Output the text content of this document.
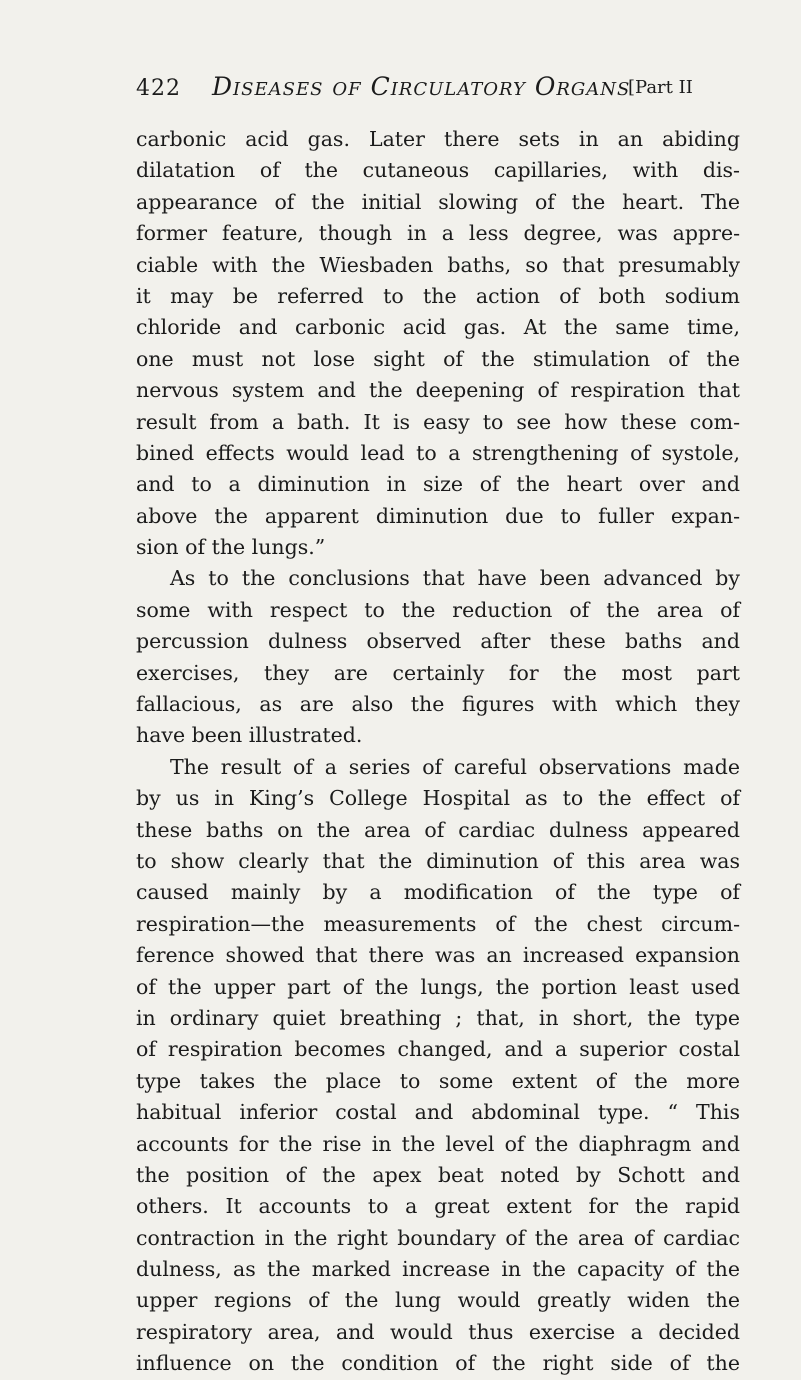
422 Diseases of Circulatory Organs
[Part II
carbonic acid gas. Later there sets in an abiding
dilatation of the cutaneous capillaries, with dis-
appearance of the initial slowing of the heart. The
former feature, though in a less degree, was appre-
ciable with the Wiesbaden baths, so that presumably
it may be referred to the action of both sodium
chloride and carbonic acid gas. At the same time,
one must not lose sight of the stimulation of the
nervous system and the deepening of respiration that
result from a bath. It is easy to see how these com-
bined effects would lead to a strengthening of systole,
and to a diminution in size of the heart over and
above the apparent diminution due to fuller expan-
sion of the lungs.”
As to the conclusions that have been advanced by
some with respect to the reduction of the area of
percussion dulness observed after these baths and
exercises, they are certainly for the most part
fallacious, as are also the figures with which they
have been illustrated.
The result of a series of careful observations made
by us in King’s College Hospital as to the effect of
these baths on the area of cardiac dulness appeared
to show clearly that the diminution of this area was
caused mainly by a modification of the type of
respiration—the measurements of the chest circum-
ference showed that there was an increased expansion
of the upper part of the lungs, the portion least used
in ordinary quiet breathing ; that, in short, the type
of respiration becomes changed, and a superior costal
type takes the place to some extent of the more
habitual inferior costal and abdominal type. “ This
accounts for the rise in the level of the diaphragm and
the position of the apex beat noted by Schott and
others. It accounts to a great extent for the rapid
contraction in the right boundary of the area of cardiac
dulness, as the marked increase in the capacity of the
upper regions of the lung would greatly widen the
respiratory area, and would thus exercise a decided
influence on the condition of the right side of the
